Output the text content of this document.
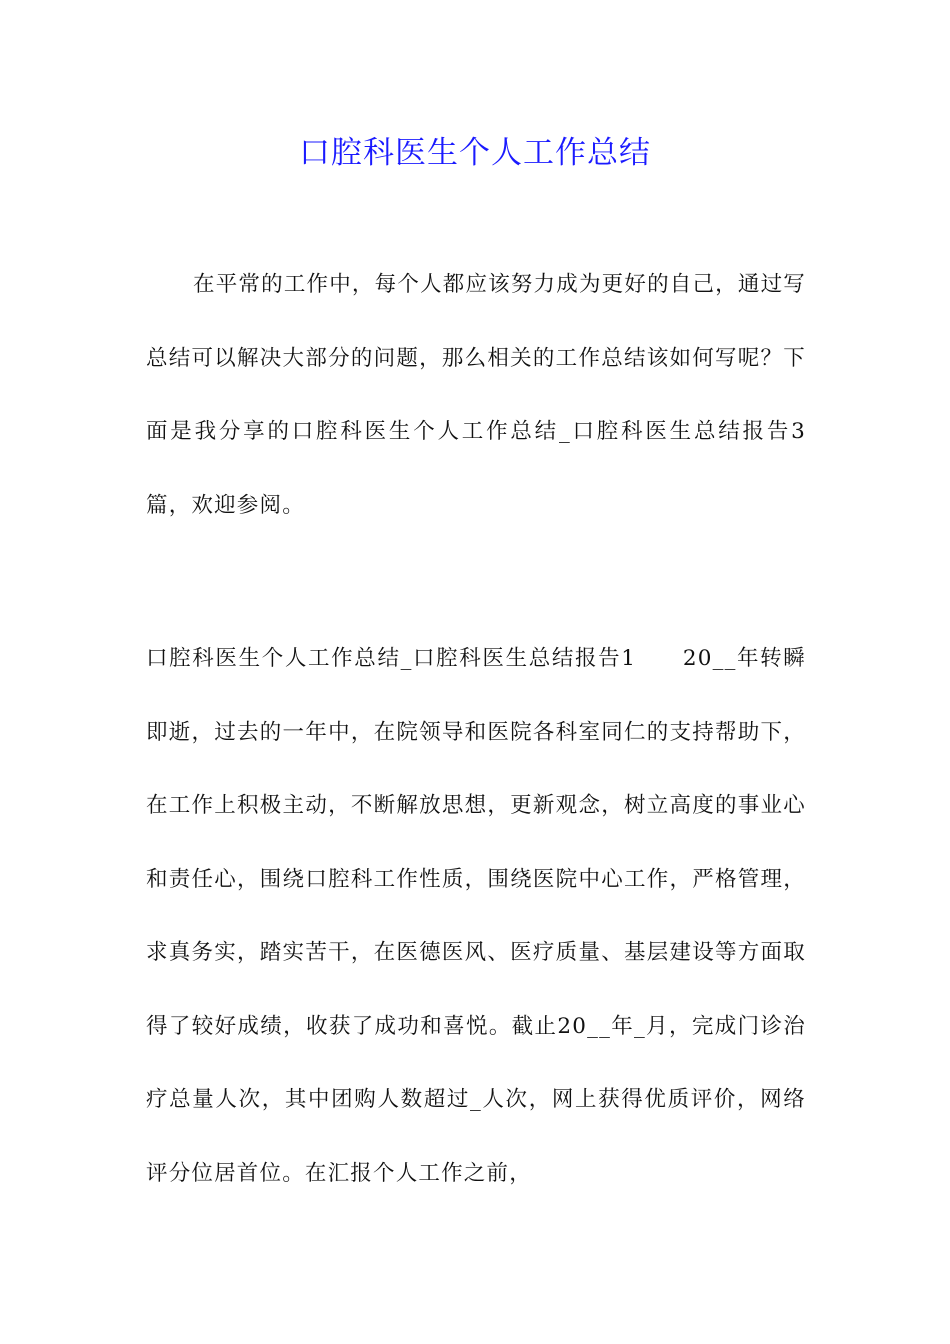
口腔科医生个人工作总结

在平常的工作中，每个人都应该努力成为更好的自己，通过写总结可以解决大部分的问题，那么相关的工作总结该如何写呢？下面是我分享的口腔科医生个人工作总结_口腔科医生总结报告3篇，欢迎参阅。

口腔科医生个人工作总结_口腔科医生总结报告1　　20__年转瞬即逝，过去的一年中，在院领导和医院各科室同仁的支持帮助下，在工作上积极主动，不断解放思想，更新观念，树立高度的事业心和责任心，围绕口腔科工作性质，围绕医院中心工作，严格管理，求真务实，踏实苦干，在医德医风、医疗质量、基层建设等方面取得了较好成绩，收获了成功和喜悦。截止20__年_月，完成门诊治疗总量人次，其中团购人数超过_人次，网上获得优质评价，网络评分位居首位。在汇报个人工作之前，
